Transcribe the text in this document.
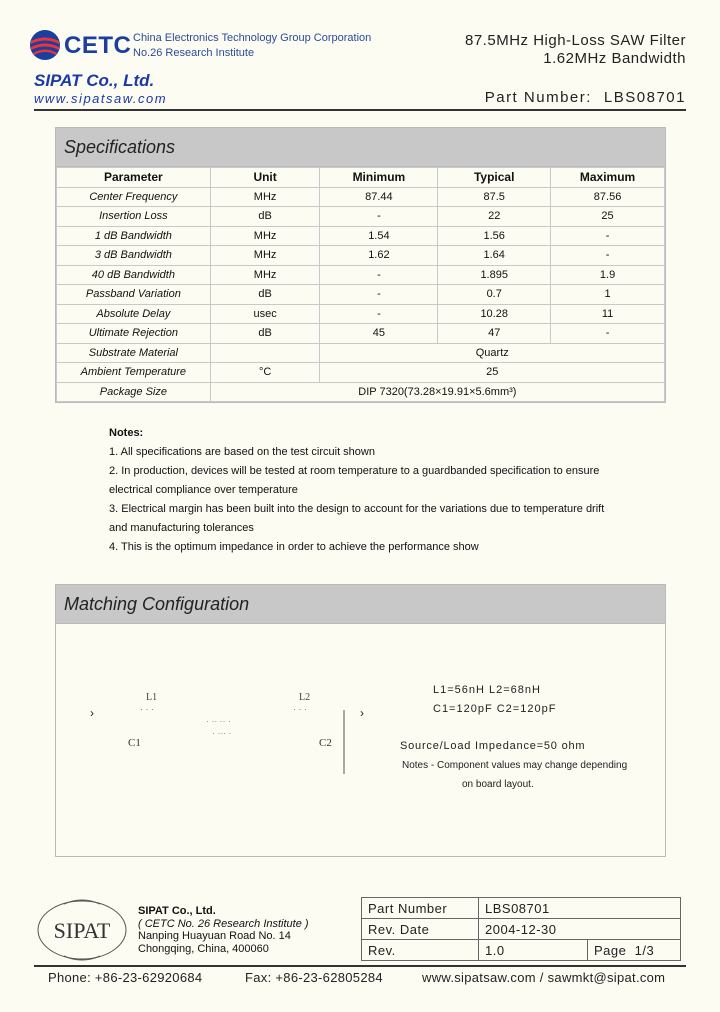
CETC China Electronics Technology Group Corporation
No.26 Research Institute
SIPAT Co., Ltd.
www.sipatsaw.com
87.5MHz High-Loss SAW Filter
1.62MHz Bandwidth
Part Number: LBS08701
Specifications
Parameter	Unit	Minimum	Typical	Maximum
Center Frequency	MHz	87.44	87.5	87.56
Insertion Loss	dB	-	22	25
1 dB Bandwidth	MHz	1.54	1.56	-
3 dB Bandwidth	MHz	1.62	1.64	-
40 dB Bandwidth	MHz	-	1.895	1.9
Passband Variation	dB	-	0.7	1
Absolute Delay	usec	-	10.28	11
Ultimate Rejection	dB	45	47	-
Substrate Material		Quartz		
Ambient Temperature	°C	25		
Package Size	DIP 7320(73.28×19.91×5.6mm³)			
Notes:
1. All specifications are based on the test circuit shown
2. In production, devices will be tested at room temperature to a guardbanded specification to ensure
electrical compliance over temperature
3. Electrical margin has been built into the design to account for the variations due to temperature drift
and manufacturing tolerances
4. This is the optimum impedance in order to achieve the performance show
Matching Configuration
›
L1
· · ·
C1
· ·∙ ·· ·
· ·∙· ·
L2
· · ·
C2
›
L1=56nH L2=68nH
C1=120pF C2=120pF
Source/Load Impedance=50 ohm
Notes - Component values may change depending
on board layout.
SIPAT
SIPAT Co., Ltd.
( CETC No. 26 Research Institute )
Nanping Huayuan Road No. 14
Chongqing, China, 400060
Part Number	LBS08701	
Rev. Date	2004-12-30	
Rev.	1.0	Page 1/3
Phone: +86-23-62920684	Fax: +86-23-62805284	www.sipatsaw.com / sawmkt@sipat.com
